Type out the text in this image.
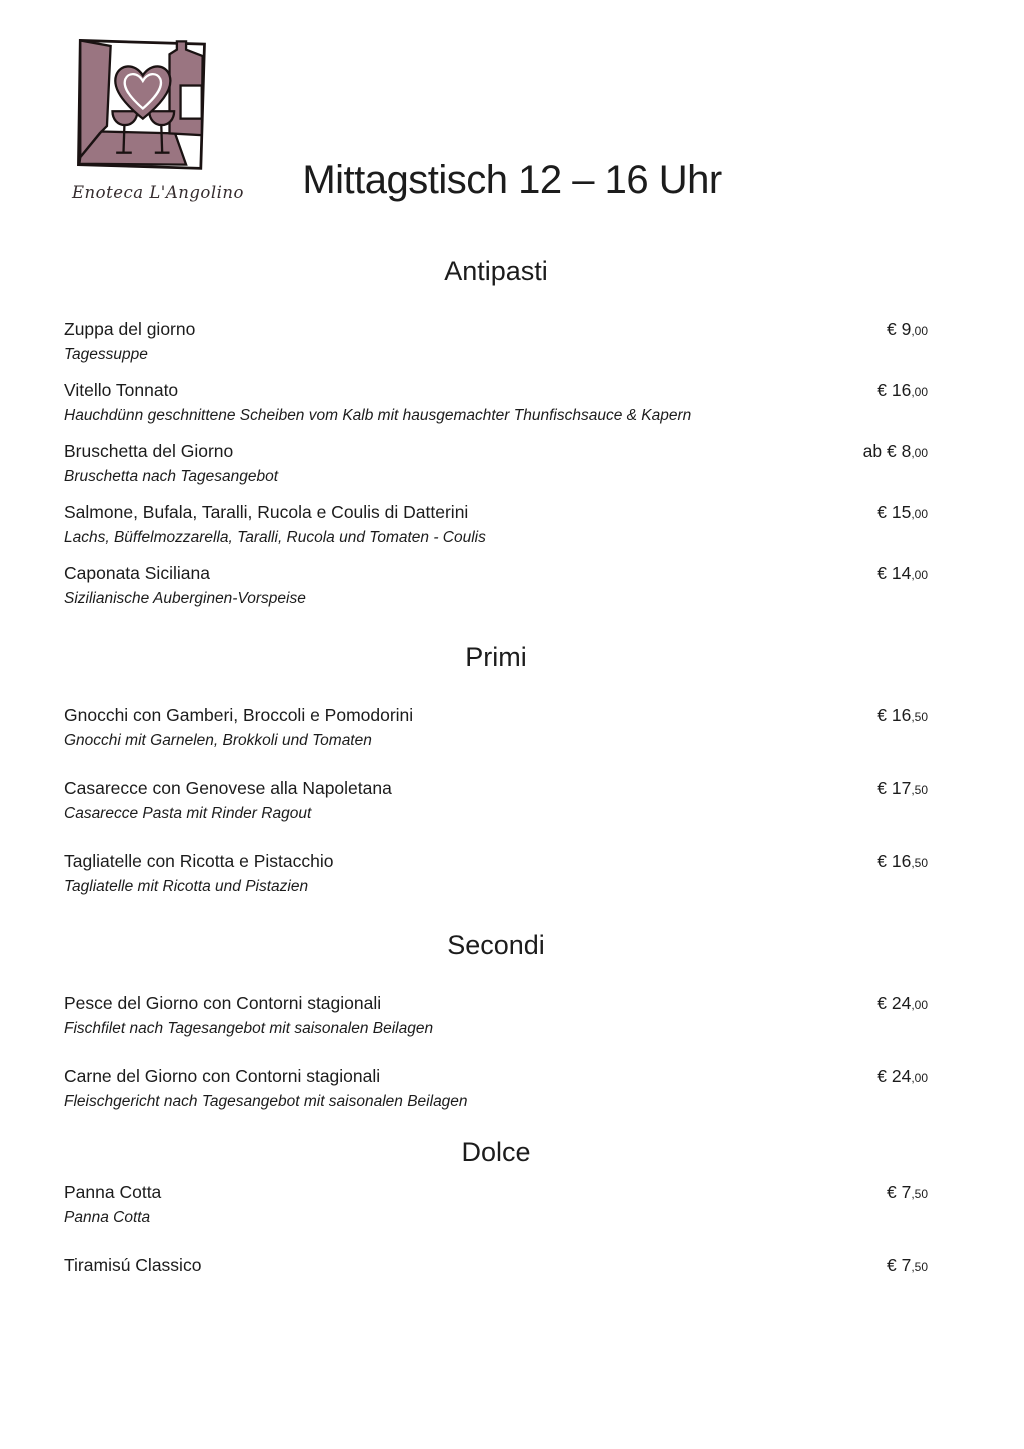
Enoteca L'Angolino	Mittagstisch 12 – 16 Uhr
Antipasti
Zuppa del giorno	€ 9,00
Tagessuppe
Vitello Tonnato	€ 16,00
Hauchdünn geschnittene Scheiben vom Kalb mit hausgemachter Thunfischsauce & Kapern
Bruschetta del Giorno	ab € 8,00
Bruschetta nach Tagesangebot
Salmone, Bufala, Taralli, Rucola e Coulis di Datterini	€ 15,00
Lachs, Büffelmozzarella, Taralli, Rucola und Tomaten - Coulis
Caponata Siciliana	€ 14,00
Sizilianische Auberginen-Vorspeise
Primi
Gnocchi con Gamberi, Broccoli e Pomodorini	€ 16,50
Gnocchi mit Garnelen, Brokkoli und Tomaten
Casarecce con Genovese alla Napoletana	€ 17,50
Casarecce Pasta mit Rinder Ragout
Tagliatelle con Ricotta e Pistacchio	€ 16,50
Tagliatelle mit Ricotta und Pistazien
Secondi
Pesce del Giorno con Contorni stagionali	€ 24,00
Fischfilet nach Tagesangebot mit saisonalen Beilagen
Carne del Giorno con Contorni stagionali	€ 24,00
Fleischgericht nach Tagesangebot mit saisonalen Beilagen
Dolce
Panna Cotta	€ 7,50
Panna Cotta
Tiramisú Classico	€ 7,50
